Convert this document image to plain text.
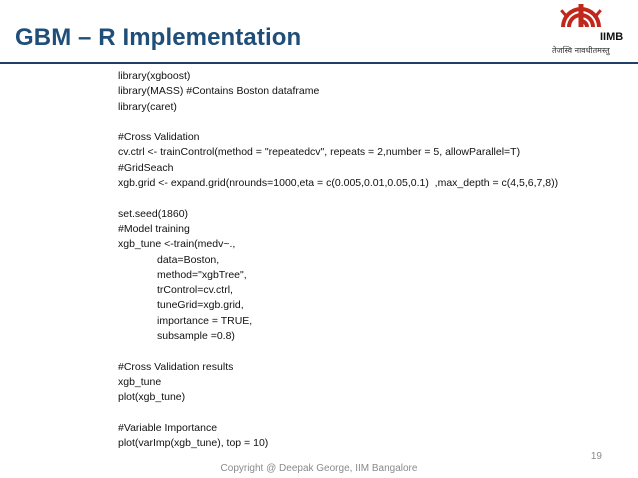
GBM – R Implementation	IIMB
तेजस्वि नावधीतमस्तु
library(xgboost)
library(MASS) #Contains Boston dataframe
library(caret)
#Cross Validation
cv.ctrl <- trainControl(method = "repeatedcv", repeats = 2,number = 5, allowParallel=T)
#GridSeach
xgb.grid <- expand.grid(nrounds=1000,eta = c(0.005,0.01,0.05,0.1)  ,max_depth = c(4,5,6,7,8))
set.seed(1860)
#Model training
xgb_tune <-train(medv~.,
data=Boston,
method="xgbTree",
trControl=cv.ctrl,
tuneGrid=xgb.grid,
importance = TRUE,
subsample =0.8)
#Cross Validation results
xgb_tune
plot(xgb_tune)
#Variable Importance
plot(varImp(xgb_tune), top = 10)
19
Copyright @ Deepak George, IIM Bangalore
